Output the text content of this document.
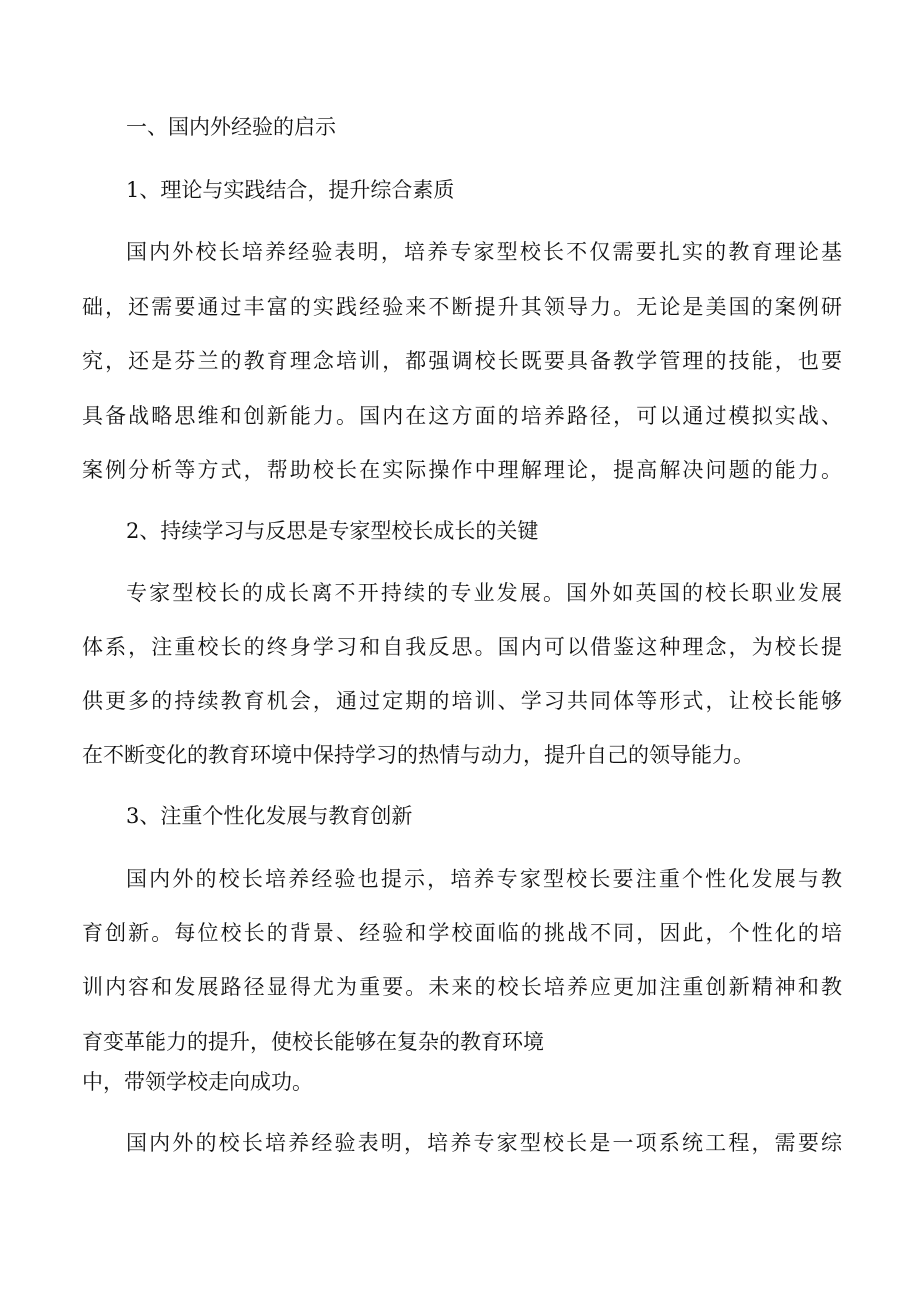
一、国内外经验的启示

1、理论与实践结合，提升综合素质

国内外校长培养经验表明，培养专家型校长不仅需要扎实的教育理论基

础，还需要通过丰富的实践经验来不断提升其领导力。无论是美国的案例研

究，还是芬兰的教育理念培训，都强调校长既要具备教学管理的技能，也要

具备战略思维和创新能力。国内在这方面的培养路径，可以通过模拟实战、

案例分析等方式，帮助校长在实际操作中理解理论，提高解决问题的能力。

2、持续学习与反思是专家型校长成长的关键

专家型校长的成长离不开持续的专业发展。国外如英国的校长职业发展

体系，注重校长的终身学习和自我反思。国内可以借鉴这种理念，为校长提

供更多的持续教育机会，通过定期的培训、学习共同体等形式，让校长能够

在不断变化的教育环境中保持学习的热情与动力，提升自己的领导能力。

3、注重个性化发展与教育创新

国内外的校长培养经验也提示，培养专家型校长要注重个性化发展与教

育创新。每位校长的背景、经验和学校面临的挑战不同，因此，个性化的培

训内容和发展路径显得尤为重要。未来的校长培养应更加注重创新精神和教

育变革能力的提升，使校长能够在复杂的教育环境

中，带领学校走向成功。

国内外的校长培养经验表明，培养专家型校长是一项系统工程，需要综
